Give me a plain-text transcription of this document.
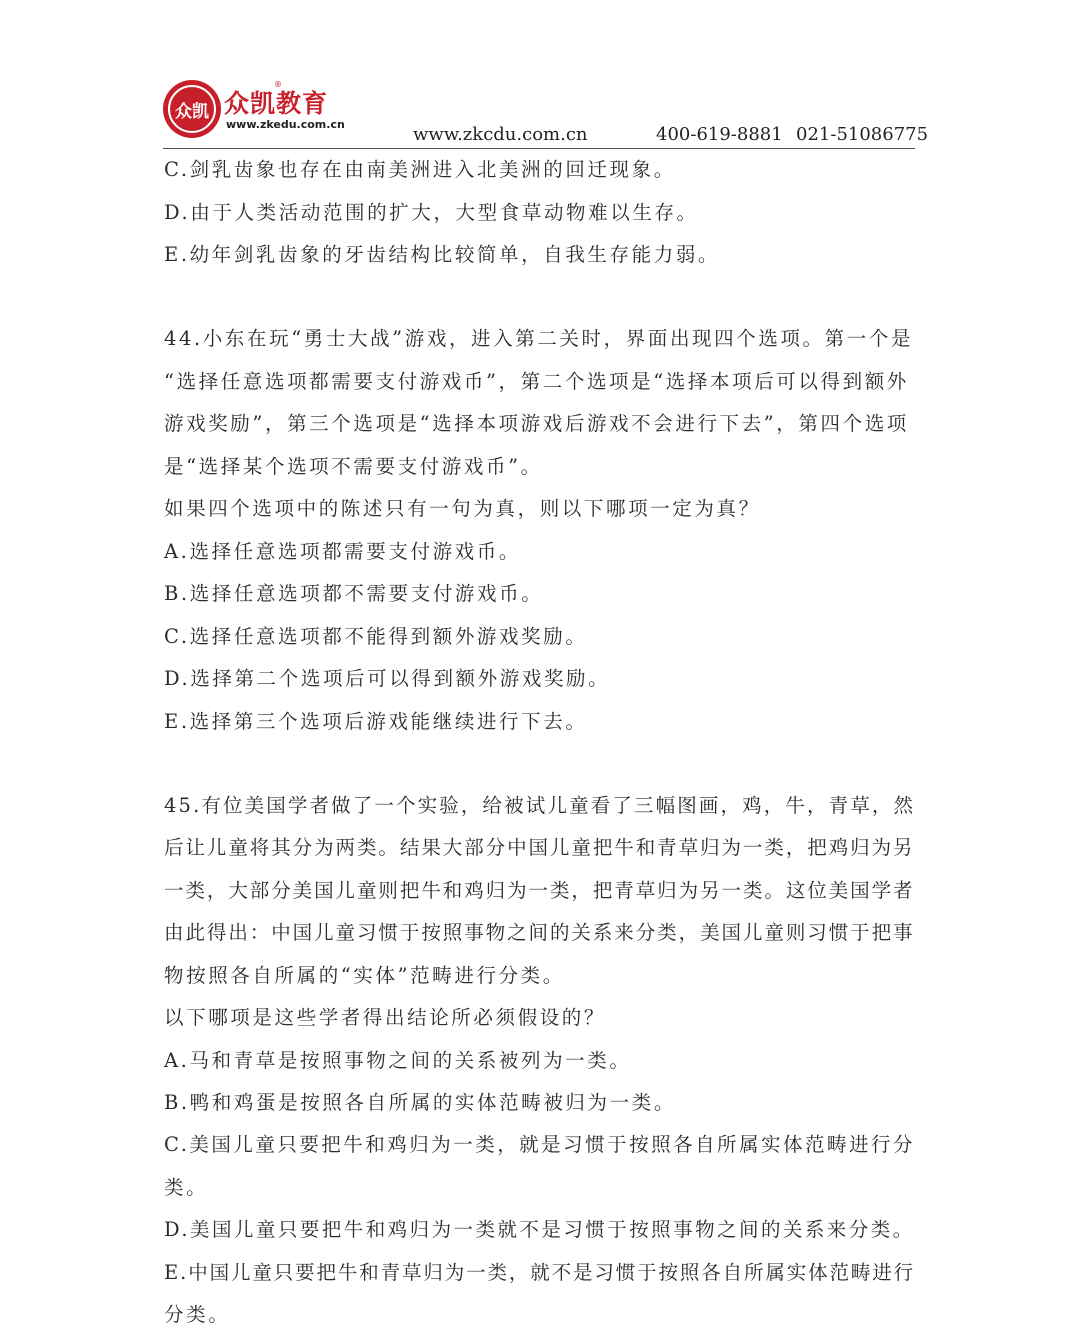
众凯 众凯教育
®
www.zkedu.com.cn	www.zkcdu.com.cn	400-619-8881 021-51086775
C.剑乳齿象也存在由南美洲进入北美洲的回迁现象。
D.由于人类活动范围的扩大，大型食草动物难以生存。
E.幼年剑乳齿象的牙齿结构比较简单，自我生存能力弱。
44.小东在玩“勇士大战”游戏，进入第二关时，界面出现四个选项。第一个是
“选择任意选项都需要支付游戏币”，第二个选项是“选择本项后可以得到额外
游戏奖励”，第三个选项是“选择本项游戏后游戏不会进行下去”，第四个选项
是“选择某个选项不需要支付游戏币”。
如果四个选项中的陈述只有一句为真，则以下哪项一定为真？
A.选择任意选项都需要支付游戏币。
B.选择任意选项都不需要支付游戏币。
C.选择任意选项都不能得到额外游戏奖励。
D.选择第二个选项后可以得到额外游戏奖励。
E.选择第三个选项后游戏能继续进行下去。
45.有位美国学者做了一个实验，给被试儿童看了三幅图画，鸡，牛，青草，然
后让儿童将其分为两类。结果大部分中国儿童把牛和青草归为一类，把鸡归为另
一类，大部分美国儿童则把牛和鸡归为一类，把青草归为另一类。这位美国学者
由此得出：中国儿童习惯于按照事物之间的关系来分类，美国儿童则习惯于把事
物按照各自所属的“实体”范畴进行分类。
以下哪项是这些学者得出结论所必须假设的？
A.马和青草是按照事物之间的关系被列为一类。
B.鸭和鸡蛋是按照各自所属的实体范畴被归为一类。
C.美国儿童只要把牛和鸡归为一类，就是习惯于按照各自所属实体范畴进行分
类。
D.美国儿童只要把牛和鸡归为一类就不是习惯于按照事物之间的关系来分类。
E.中国儿童只要把牛和青草归为一类，就不是习惯于按照各自所属实体范畴进行
分类。
